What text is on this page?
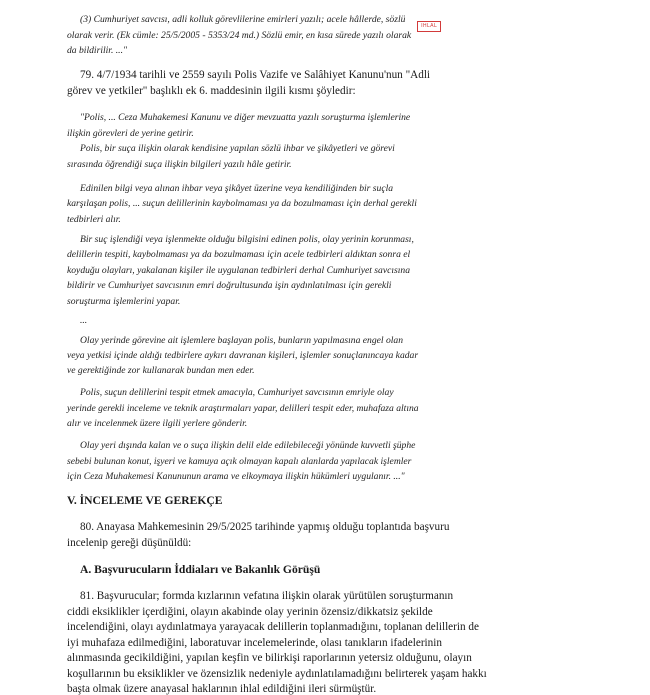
(3) Cumhuriyet savcısı, adli kolluk görevlilerine emirleri yazılı; acele hâllerde, sözlü

olarak verir. (Ek cümle: 25/5/2005 - 5353/24 md.) Sözlü emir, en kısa sürede yazılı olarak

da bildirilir. ..."

IHLAL

79. 4/7/1934 tarihli ve 2559 sayılı Polis Vazife ve Salâhiyet Kanunu'nun "Adli

görev ve yetkiler" başlıklı ek 6. maddesinin ilgili kısmı şöyledir:

"Polis, ... Ceza Muhakemesi Kanunu ve diğer mevzuatta yazılı soruşturma işlemlerine

ilişkin görevleri de yerine getirir.

Polis, bir suça ilişkin olarak kendisine yapılan sözlü ihbar ve şikâyetleri ve görevi

sırasında öğrendiği suça ilişkin bilgileri yazılı hâle getirir.

Edinilen bilgi veya alınan ihbar veya şikâyet üzerine veya kendiliğinden bir suçla

karşılaşan polis, ... suçun delillerinin kaybolmaması ya da bozulmaması için derhal gerekli

tedbirleri alır.

Bir suç işlendiği veya işlenmekte olduğu bilgisini edinen polis, olay yerinin korunması,

delillerin tespiti, kaybolmaması ya da bozulmaması için acele tedbirleri aldıktan sonra el

koyduğu olayları, yakalanan kişiler ile uygulanan tedbirleri derhal Cumhuriyet savcısına

bildirir ve Cumhuriyet savcısının emri doğrultusunda işin aydınlatılması için gerekli

soruşturma işlemlerini yapar.

...

Olay yerinde görevine ait işlemlere başlayan polis, bunların yapılmasına engel olan

veya yetkisi içinde aldığı tedbirlere aykırı davranan kişileri, işlemler sonuçlanıncaya kadar

ve gerektiğinde zor kullanarak bundan men eder.

Polis, suçun delillerini tespit etmek amacıyla, Cumhuriyet savcısının emriyle olay

yerinde gerekli inceleme ve teknik araştırmaları yapar, delilleri tespit eder, muhafaza altına

alır ve incelenmek üzere ilgili yerlere gönderir.

Olay yeri dışında kalan ve o suça ilişkin delil elde edilebileceği yönünde kuvvetli şüphe

sebebi bulunan konut, işyeri ve kamuya açık olmayan kapalı alanlarda yapılacak işlemler

için Ceza Muhakemesi Kanununun arama ve elkoymaya ilişkin hükümleri uygulanır. ..."

V. İNCELEME VE GEREKÇE

80. Anayasa Mahkemesinin 29/5/2025 tarihinde yapmış olduğu toplantıda başvuru

incelenip gereği düşünüldü:

A. Başvurucuların İddiaları ve Bakanlık Görüşü

81. Başvurucular; formda kızlarının vefatına ilişkin olarak yürütülen soruşturmanın

ciddi eksiklikler içerdiğini, olayın akabinde olay yerinin özensiz/dikkatsiz şekilde

incelendiğini, olayı aydınlatmaya yarayacak delillerin toplanmadığını, toplanan delillerin de

iyi muhafaza edilmediğini, laboratuvar incelemelerinde, olası tanıkların ifadelerinin

alınmasında gecikildiğini, yapılan keşfin ve bilirkişi raporlarının yetersiz olduğunu, olayın

koşullarının bu eksiklikler ve özensizlik nedeniyle aydınlatılamadığını belirterek yaşam hakkı

başta olmak üzere anayasal haklarının ihlal edildiğini ileri sürmüştür.
